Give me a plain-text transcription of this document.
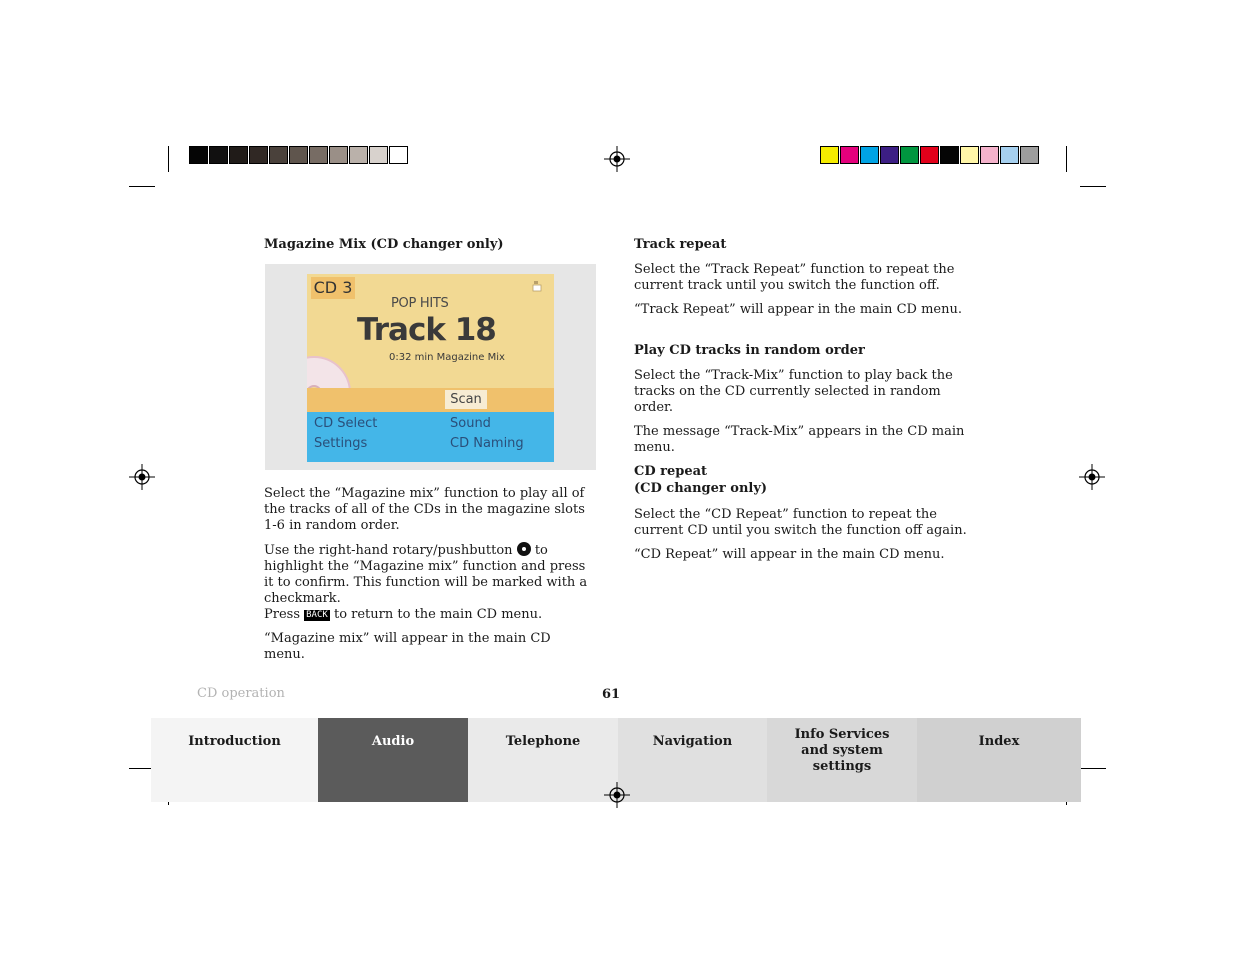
Magazine Mix (CD changer only)
CD 3
POP HITS
Track 18
0:32 min Magazine Mix
Scan
CD Select	Sound
Settings	CD Naming

Select the “Magazine mix” function to play all of the tracks of all of the CDs in the magazine slots 1-6 in random order.

Use the right-hand rotary/pushbutton to highlight the “Magazine mix” function and press it to confirm. This function will be marked with a checkmark.
Press BACK to return to the main CD menu.

“Magazine mix” will appear in the main CD menu.

Track repeat

Select the “Track Repeat” function to repeat the current track until you switch the function off.

“Track Repeat” will appear in the main CD menu.

Play CD tracks in random order

Select the “Track-Mix” function to play back the tracks on the CD currently selected in random order.

The message “Track-Mix” appears in the CD main menu.

CD repeat
(CD changer only)

Select the “CD Repeat” function to repeat the current CD until you switch the function off again.

“CD Repeat” will appear in the main CD menu.

CD operation	61
Introduction	Audio	Telephone	Navigation	Info Services and system settings
Index
